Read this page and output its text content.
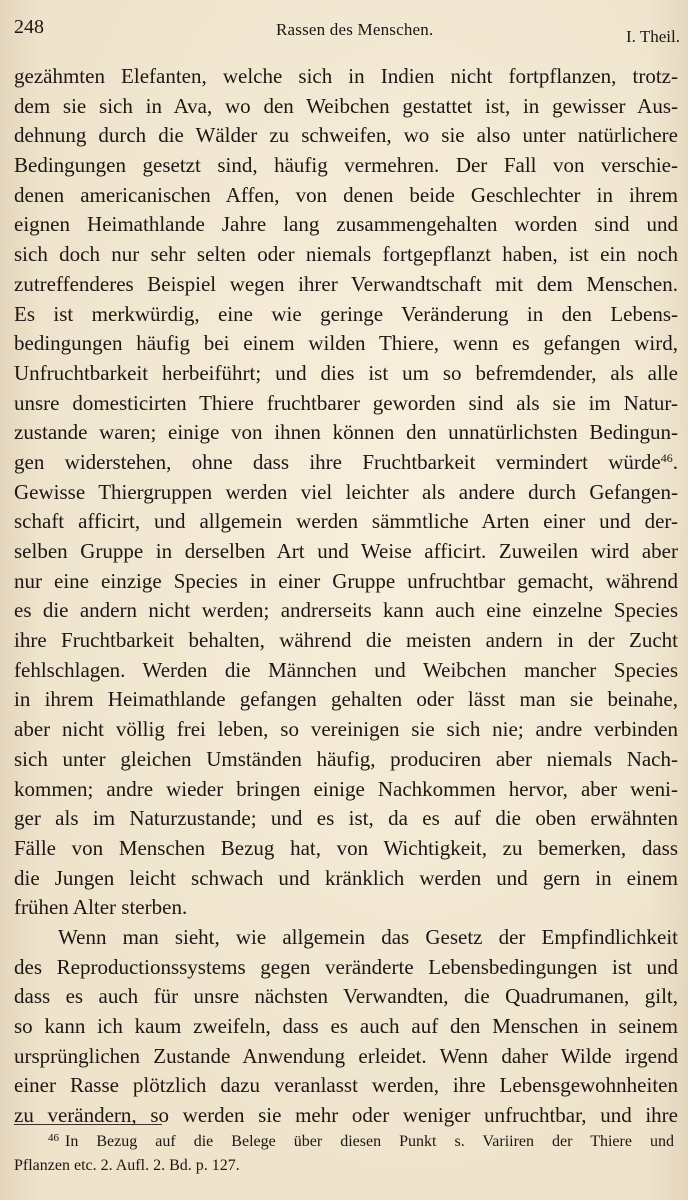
248	Rassen des Menschen.	I. Theil.
gezähmten Elefanten, welche sich in Indien nicht fortpflanzen, trotz-
dem sie sich in Ava, wo den Weibchen gestattet ist, in gewisser Aus-
dehnung durch die Wälder zu schweifen, wo sie also unter natürlichere
Bedingungen gesetzt sind, häufig vermehren. Der Fall von verschie-
denen americanischen Affen, von denen beide Geschlechter in ihrem
eignen Heimathlande Jahre lang zusammengehalten worden sind und
sich doch nur sehr selten oder niemals fortgepflanzt haben, ist ein noch
zutreffenderes Beispiel wegen ihrer Verwandtschaft mit dem Menschen.
Es ist merkwürdig, eine wie geringe Veränderung in den Lebens-
bedingungen häufig bei einem wilden Thiere, wenn es gefangen wird,
Unfruchtbarkeit herbeiführt; und dies ist um so befremdender, als alle
unsre domesticirten Thiere fruchtbarer geworden sind als sie im Natur-
zustande waren; einige von ihnen können den unnatürlichsten Bedingun-
gen widerstehen, ohne dass ihre Fruchtbarkeit vermindert würde$^{46}$.
Gewisse Thiergruppen werden viel leichter als andere durch Gefangen-
schaft afficirt, und allgemein werden sämmtliche Arten einer und der-
selben Gruppe in derselben Art und Weise afficirt. Zuweilen wird aber
nur eine einzige Species in einer Gruppe unfruchtbar gemacht, während
es die andern nicht werden; andrerseits kann auch eine einzelne Species
ihre Fruchtbarkeit behalten, während die meisten andern in der Zucht
fehlschlagen. Werden die Männchen und Weibchen mancher Species
in ihrem Heimathlande gefangen gehalten oder lässt man sie beinahe,
aber nicht völlig frei leben, so vereinigen sie sich nie; andre verbinden
sich unter gleichen Umständen häufig, produciren aber niemals Nach-
kommen; andre wieder bringen einige Nachkommen hervor, aber weni-
ger als im Naturzustande; und es ist, da es auf die oben erwähnten
Fälle von Menschen Bezug hat, von Wichtigkeit, zu bemerken, dass
die Jungen leicht schwach und kränklich werden und gern in einem
frühen Alter sterben.
Wenn man sieht, wie allgemein das Gesetz der Empfindlichkeit
des Reproductionssystems gegen veränderte Lebensbedingungen ist und
dass es auch für unsre nächsten Verwandten, die Quadrumanen, gilt,
so kann ich kaum zweifeln, dass es auch auf den Menschen in seinem
ursprünglichen Zustande Anwendung erleidet. Wenn daher Wilde irgend
einer Rasse plötzlich dazu veranlasst werden, ihre Lebensgewohnheiten
zu verändern, so werden sie mehr oder weniger unfruchtbar, und ihre
$^{46}$ In Bezug auf die Belege über diesen Punkt s. Variiren der Thiere und
Pflanzen etc. 2. Aufl. 2. Bd. p. 127.
